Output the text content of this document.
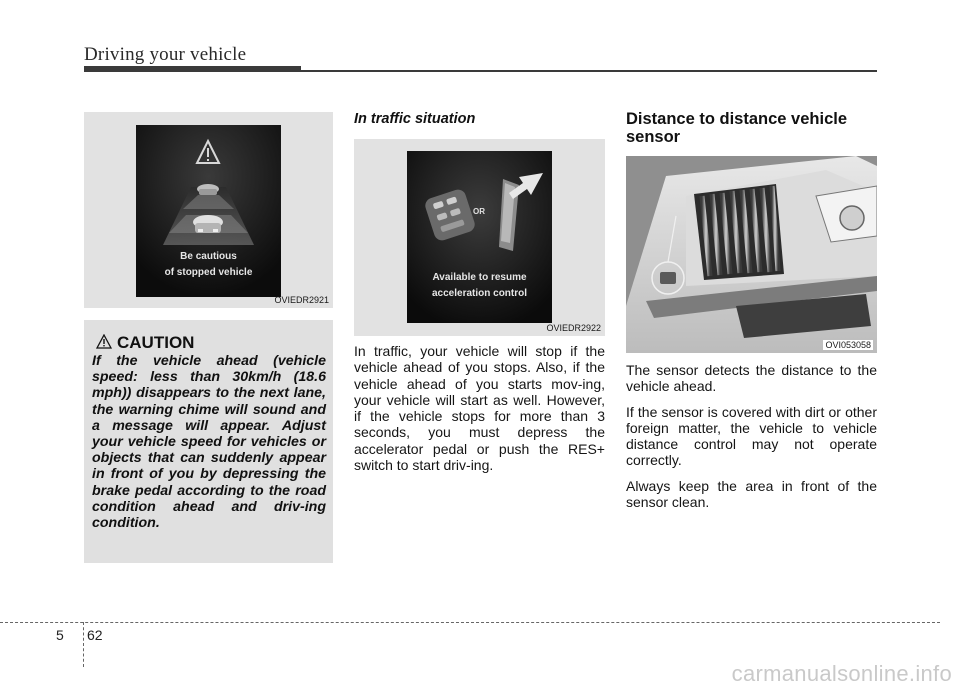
Driving your vehicle
Be cautious
of stopped vehicle
OVIEDR2921
CAUTION
If the vehicle ahead (vehicle speed: less than 30km/h (18.6 mph)) disappears to the next lane, the warning chime will sound and a message will appear. Adjust your vehicle speed for vehicles or objects that can suddenly appear in front of you by depressing the brake pedal according to the road condition ahead and driv-ing condition.
In traffic situation
OR
Available to resume
acceleration control
OVIEDR2922
In traffic, your vehicle will stop if the vehicle ahead of you stops. Also, if the vehicle ahead of you starts mov-ing, your vehicle will start as well. However, if the vehicle stops for more than 3 seconds, you must depress the accelerator pedal or push the RES+ switch to start driv-ing.
Distance to distance vehicle sensor
OVI053058

The sensor detects the distance to the vehicle ahead.

If the sensor is covered with dirt or other foreign matter, the vehicle to vehicle distance control may not operate correctly.

Always keep the area in front of the sensor clean.

5 62
carmanualsonline.info
